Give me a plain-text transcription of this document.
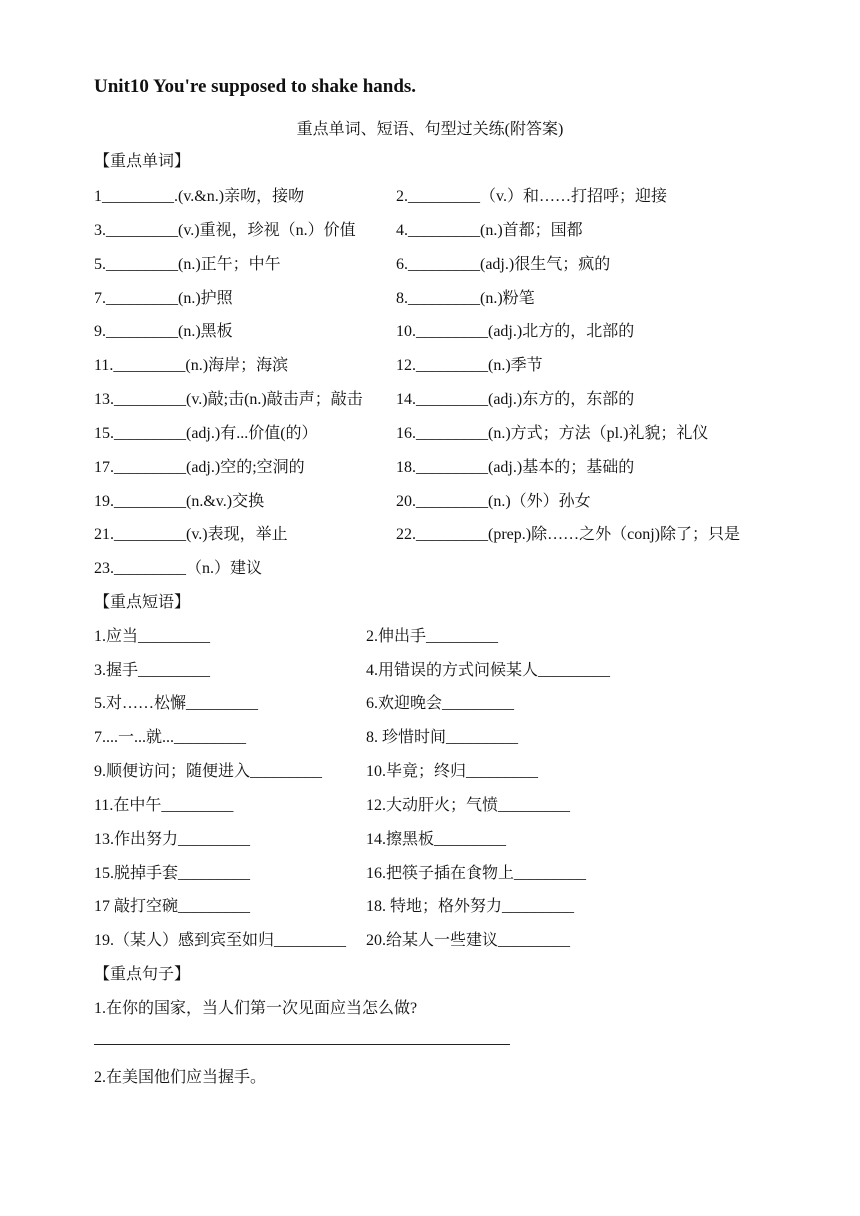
Unit10 You're supposed to shake hands.
重点单词、短语、句型过关练(附答案)
【重点单词】
1_________.(v.&n.)亲吻，接吻	2._________（v.）和……打招呼；迎接
3._________(v.)重视，珍视（n.）价值	4._________(n.)首都；国都
5._________(n.)正午；中午	6._________(adj.)很生气；疯的
7._________(n.)护照	8._________(n.)粉笔
9._________(n.)黑板	10._________(adj.)北方的，北部的
11._________(n.)海岸；海滨	12._________(n.)季节
13._________(v.)敲;击(n.)敲击声；敲击 14._________(adj.)东方的，东部的
15._________(adj.)有...价值(的）	16._________(n.)方式；方法（pl.)礼貌；礼仪
17._________(adj.)空的;空洞的	18._________(adj.)基本的；基础的
19._________(n.&v.)交换	20._________(n.)（外）孙女
21._________(v.)表现，举止	22._________(prep.)除……之外（conj)除了；只是
23._________（n.）建议
【重点短语】
1.应当_________	2.伸出手_________
3.握手_________	4.用错误的方式问候某人_________
5.对……松懈_________	6.欢迎晚会_________
7....一...就..._________	8. 珍惜时间_________
9.顺便访问；随便进入_________	10.毕竟；终归_________
11.在中午_________	12.大动肝火；气愤_________
13.作出努力_________	14.擦黑板_________
15.脱掉手套_________	16.把筷子插在食物上_________
17 敲打空碗_________	18. 特地；格外努力_________
19.（某人）感到宾至如归_________ 20.给某人一些建议_________
【重点句子】
1.在你的国家，当人们第一次见面应当怎么做?
2.在美国他们应当握手。
